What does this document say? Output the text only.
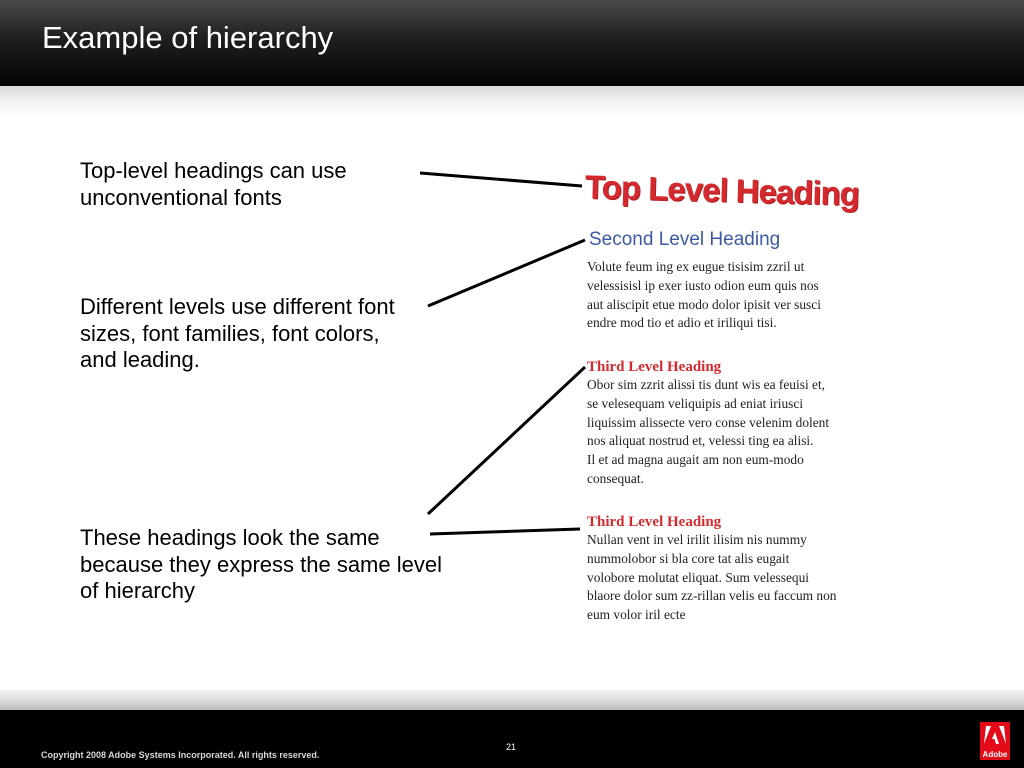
Example of hierarchy
Top-level headings can use unconventional fonts
Different levels use different font sizes, font families, font colors, and leading.
These headings look the same because they express the same level of hierarchy
Top Level Heading
Second Level Heading

Volute feum ing ex eugue tisisim zzril ut velessisisl ip exer iusto odion eum quis nos aut aliscipit etue modo dolor ipisit ver susci endre mod tio et adio et iriliqui tisi.

Third Level Heading

Obor sim zzrit alissi tis dunt wis ea feuisi et, se velesequam veliquipis ad eniat iriusci liquissim alissecte vero conse velenim dolent nos aliquat nostrud et, velessi ting ea alisi.

Il et ad magna augait am non eum-modo consequat.

Third Level Heading

Nullan vent in vel irilit ilisim nis nummy nummolobor si bla core tat alis eugait volobore molutat eliquat. Sum velessequi blaore dolor sum zz-rillan velis eu faccum non eum volor iril ecte

Copyright 2008 Adobe Systems Incorporated. All rights reserved.
21
Adobe
